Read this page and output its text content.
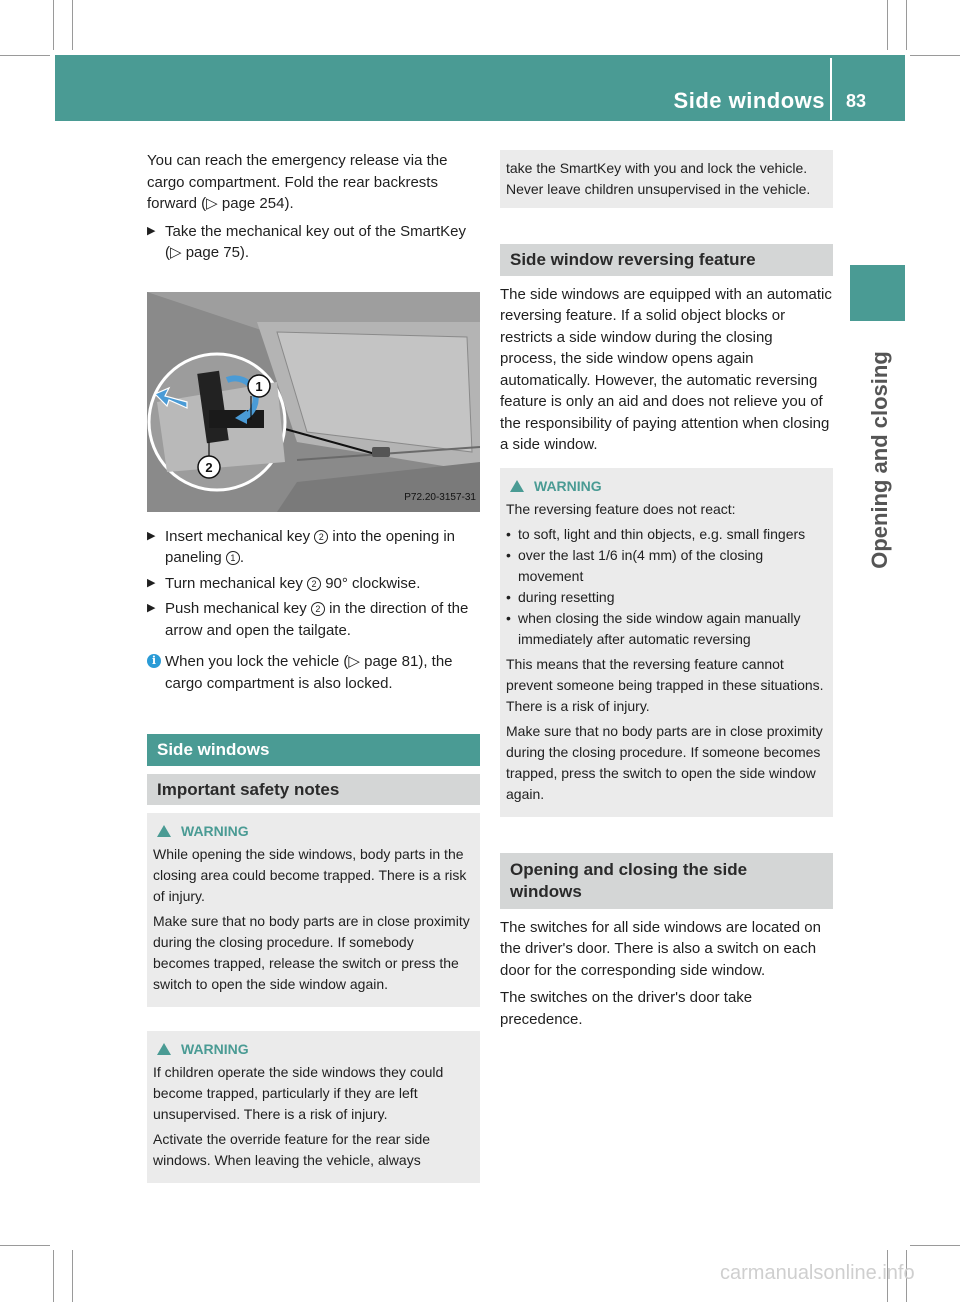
Side windows 83
Opening and closing

You can reach the emergency release via the cargo compartment. Fold the rear backrests forward (▷ page 254).

▶ Take the mechanical key out of the SmartKey (▷ page 75).
1
2
P72.20-3157-31
▶ Insert mechanical key 2 into the opening in paneling 1 .
▶ Turn mechanical key 2 90° clockwise.
▶ Push mechanical key 2 in the direction of the arrow and open the tailgate.
i When you lock the vehicle (▷ page 81), the cargo compartment is also locked.
Side windows
Important safety notes
WARNING

While opening the side windows, body parts in the closing area could become trapped. There is a risk of injury.

Make sure that no body parts are in close proximity during the closing procedure. If somebody becomes trapped, release the switch or press the switch to open the side window again.

WARNING

If children operate the side windows they could become trapped, particularly if they are left unsupervised. There is a risk of injury.

Activate the override feature for the rear side windows. When leaving the vehicle, always

take the SmartKey with you and lock the vehicle. Never leave children unsupervised in the vehicle.

Side window reversing feature

The side windows are equipped with an automatic reversing feature. If a solid object blocks or restricts a side window during the closing process, the side window opens again automatically. However, the automatic reversing feature is only an aid and does not relieve you of the responsibility of paying attention when closing a side window.

WARNING

The reversing feature does not react:

• to soft, light and thin objects, e.g. small fingers
• over the last 1/6 in(4 mm) of the closing movement
• during resetting
• when closing the side window again manually immediately after automatic reversing

This means that the reversing feature cannot prevent someone being trapped in these situations. There is a risk of injury.

Make sure that no body parts are in close proximity during the closing procedure. If someone becomes trapped, press the switch to open the side window again.

Opening and closing the side windows

The switches for all side windows are located on the driver's door. There is also a switch on each door for the corresponding side window.

The switches on the driver's door take precedence.

carmanualsonline.info
